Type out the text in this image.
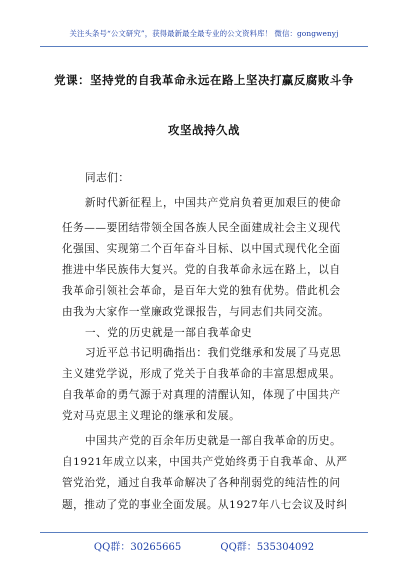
关注头条号“公文研究”，获得最新最全最专业的公文资料库！ 微信：gongwenyj
党课：坚持党的自我革命永远在路上坚决打赢反腐败斗争
攻坚战持久战
同志们：
新时代新征程上，中国共产党肩负着更加艰巨的使命
任务——要团结带领全国各族人民全面建成社会主义现代
化强国、实现第二个百年奋斗目标、以中国式现代化全面
推进中华民族伟大复兴。党的自我革命永远在路上，以自
我革命引领社会革命，是百年大党的独有优势。借此机会
由我为大家作一堂廉政党课报告，与同志们共同交流。
一、党的历史就是一部自我革命史
习近平总书记明确指出：我们党继承和发展了马克思
主义建党学说，形成了党关于自我革命的丰富思想成果。
自我革命的勇气源于对真理的清醒认知，体现了中国共产
党对马克思主义理论的继承和发展。
中国共产党的百余年历史就是一部自我革命的历史。
自1921年成立以来，中国共产党始终勇于自我革命、从严
管党治党，通过自我革命解决了各种削弱党的纯洁性的问
题，推动了党的事业全面发展。从1927年八七会议及时纠
QQ群：30265665	QQ群：535304092
